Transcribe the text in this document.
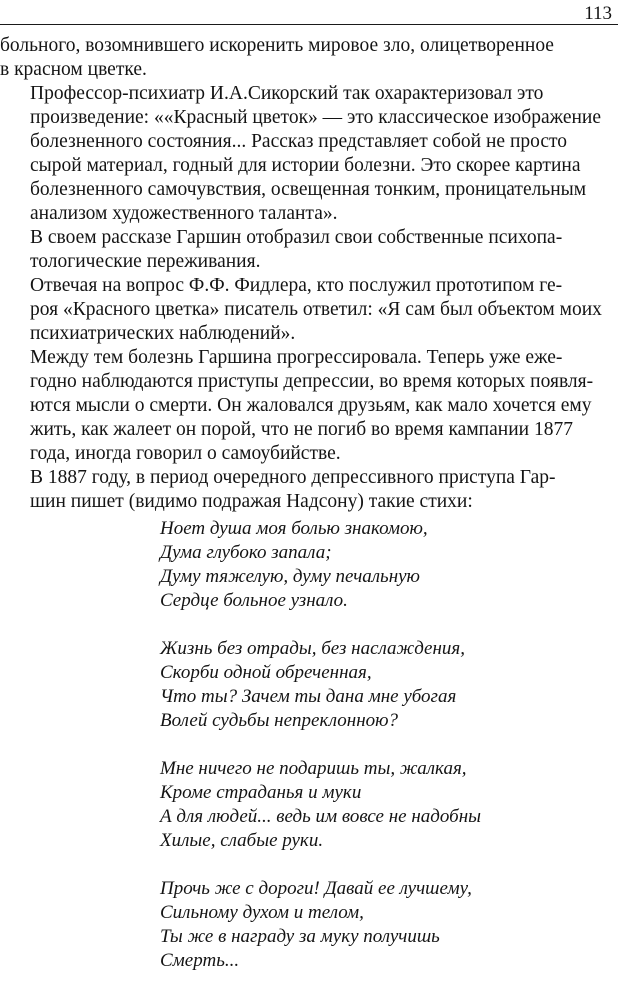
113

больного, возомнившего искоренить мировое зло, олицетворенное
в красном цветке.

Профессор-психиатр И.А.Сикорский так охарактеризовал это
произведение: ««Красный цветок» — это классическое изображение
болезненного состояния... Рассказ представляет собой не просто
сырой материал, годный для истории болезни. Это скорее картина
болезненного самочувствия, освещенная тонким, проницательным
анализом художественного таланта».

В своем рассказе Гаршин отобразил свои собственные психопа-
тологические переживания.

Отвечая на вопрос Ф.Ф. Фидлера, кто послужил прототипом ге-
роя «Красного цветка» писатель ответил: «Я сам был объектом моих
психиатрических наблюдений».

Между тем болезнь Гаршина прогрессировала. Теперь уже еже-
годно наблюдаются приступы депрессии, во время которых появля-
ются мысли о смерти. Он жаловался друзьям, как мало хочется ему
жить, как жалеет он порой, что не погиб во время кампании 1877
года, иногда говорил о самоубийстве.

В 1887 году, в период очередного депрессивного приступа Гар-
шин пишет (видимо подражая Надсону) такие стихи:

Ноет душа моя болью знакомою,
Дума глубоко запала;
Думу тяжелую, думу печальную
Сердце больное узнало.
Жизнь без отрады, без наслаждения,
Скорби одной обреченная,
Что ты? Зачем ты дана мне убогая
Волей судьбы непреклонною?
Мне ничего не подаришь ты, жалкая,
Кроме страданья и муки
А для людей... ведь им вовсе не надобны
Хилые, слабые руки.
Прочь же с дороги! Давай ее лучшему,
Сильному духом и телом,
Ты же в награду за муку получишь
Смерть...
